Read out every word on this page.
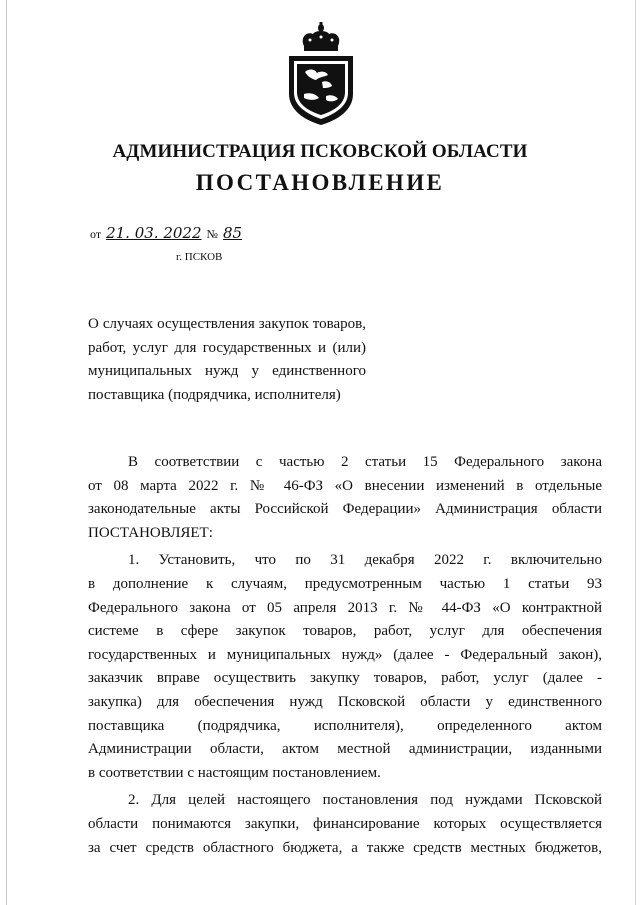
АДМИНИСТРАЦИЯ ПСКОВСКОЙ ОБЛАСТИ
ПОСТАНОВЛЕНИЕ
от 21. 03. 2022 № 85
г. ПСКОВ
О случаях осуществления закупок товаров,
работ, услуг для государственных и (или)
муниципальных нужд у единственного
поставщика (подрядчика, исполнителя)
В соответствии с частью 2 статьи 15 Федерального закона
от 08 марта 2022 г. № 46-ФЗ «О внесении изменений в отдельные
законодательные акты Российской Федерации» Администрация области
ПОСТАНОВЛЯЕТ:
1. Установить, что по 31 декабря 2022 г. включительно
в дополнение к случаям, предусмотренным частью 1 статьи 93
Федерального закона от 05 апреля 2013 г. № 44-ФЗ «О контрактной
системе в сфере закупок товаров, работ, услуг для обеспечения
государственных и муниципальных нужд» (далее - Федеральный закон),
заказчик вправе осуществить закупку товаров, работ, услуг (далее -
закупка) для обеспечения нужд Псковской области у единственного
поставщика (подрядчика, исполнителя), определенного актом
Администрации области, актом местной администрации, изданными
в соответствии с настоящим постановлением.
2. Для целей настоящего постановления под нуждами Псковской
области понимаются закупки, финансирование которых осуществляется
за счет средств областного бюджета, а также средств местных бюджетов,
